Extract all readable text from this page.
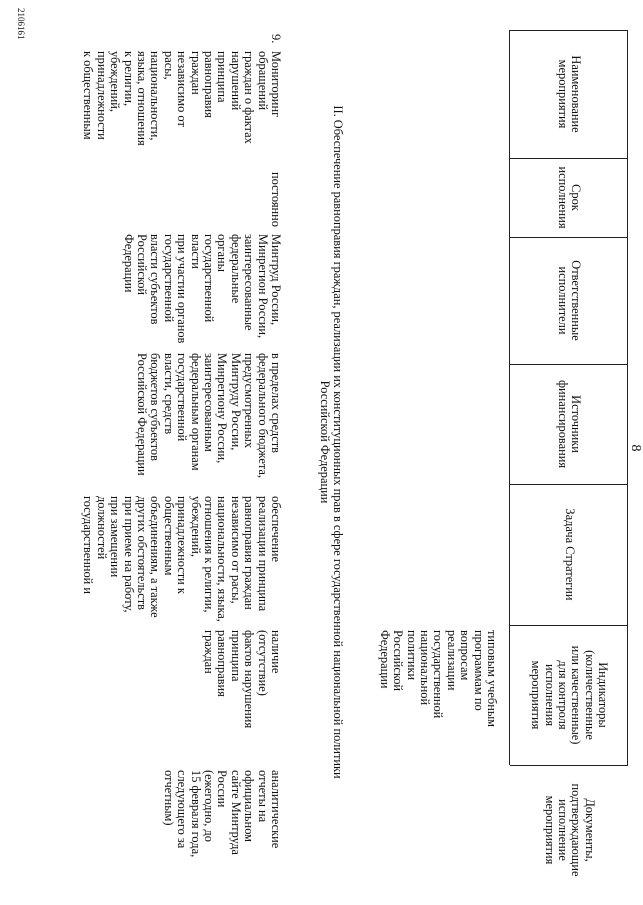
8
Наименование
мероприятия
Срок
исполнения
Ответственные
исполнители
Источники
финансирования
Задача Стратегии
Индикаторы
(количественные
или качественные)
для контроля
исполнения
мероприятия
Документы,
подтверждающие
исполнение
мероприятия
типовым учебным
программам по
вопросам
реализации
государственной
национальной
политики
Российской
Федерации
II. Обеспечение равноправия граждан, реализации их конституционных прав в сфере государственной национальной политики
Российской Федерации
9.
Мониторинг
обращений
граждан о фактах
нарушений
принципа
равноправия
граждан
независимо от
расы,
национальности,
языка, отношения
к религии,
убеждений,
принадлежности
к общественным
постоянно
Минтруд России,
Минрегион России,
заинтересованные
федеральные
органы
государственной
власти
при участии органов
государственной
власти субъектов
Российской
Федерации
в пределах средств
федерального бюджета,
предусмотренных
Минтруду России,
Минрегиону России,
заинтересованным
федеральным органам
государственной
власти, средств
бюджетов субъектов
Российской Федерации
обеспечение
реализации принципа
равноправия граждан
независимо от расы,
национальности, языка,
отношения к религии,
убеждений,
принадлежности к
общественным
объединениям, а также
других обстоятельств
при приеме на работу,
при замещении
должностей
государственной и
наличие
(отсутствие)
фактов нарушения
принципа
равноправия
граждан
аналитические
отчеты на
официальном
сайте Минтруда
России
(ежегодно, до
15 февраля года,
следующего за
отчетным)
2106161
